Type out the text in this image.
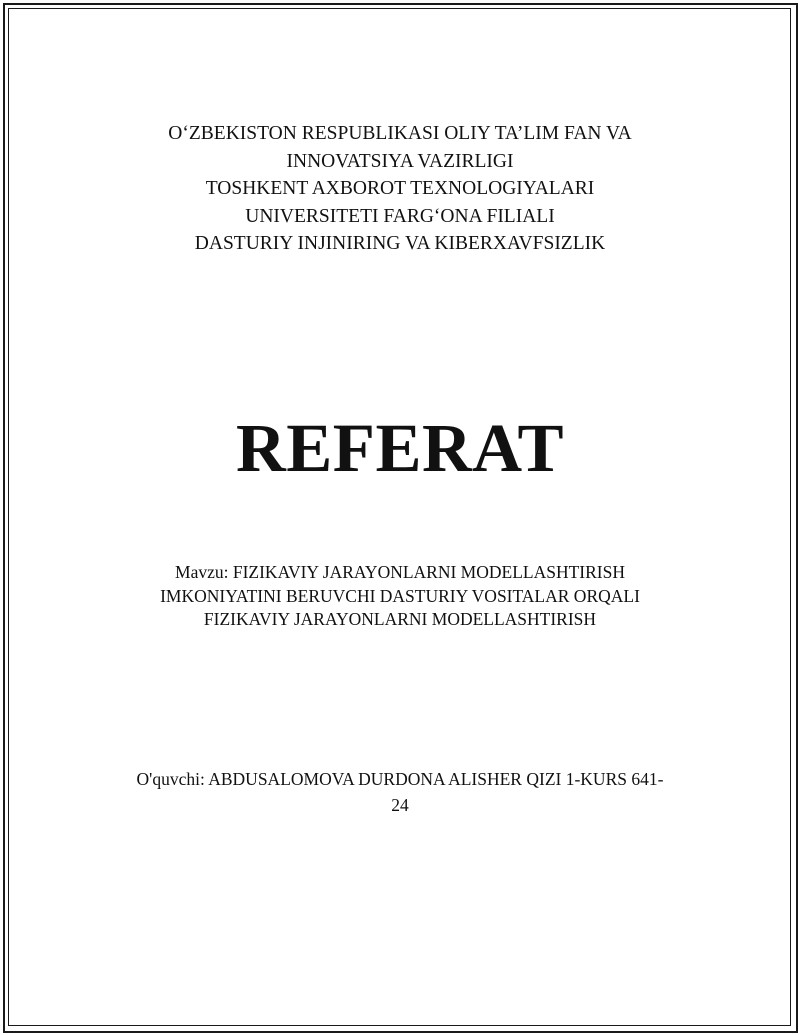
O‘ZBEKISTON RESPUBLIKASI OLIY TA’LIM FAN VA
INNOVATSIYA VAZIRLIGI
TOSHKENT AXBOROT TEXNOLOGIYALARI
UNIVERSITETI FARG‘ONA FILIALI
DASTURIY INJINIRING VA KIBERXAVFSIZLIK
REFERAT
Mavzu: FIZIKAVIY JARAYONLARNI MODELLASHTIRISH
IMKONIYATINI BERUVCHI DASTURIY VOSITALAR ORQALI
FIZIKAVIY JARAYONLARNI MODELLASHTIRISH
O'quvchi: ABDUSALOMOVA DURDONA ALISHER QIZI 1-KURS 641-
24
